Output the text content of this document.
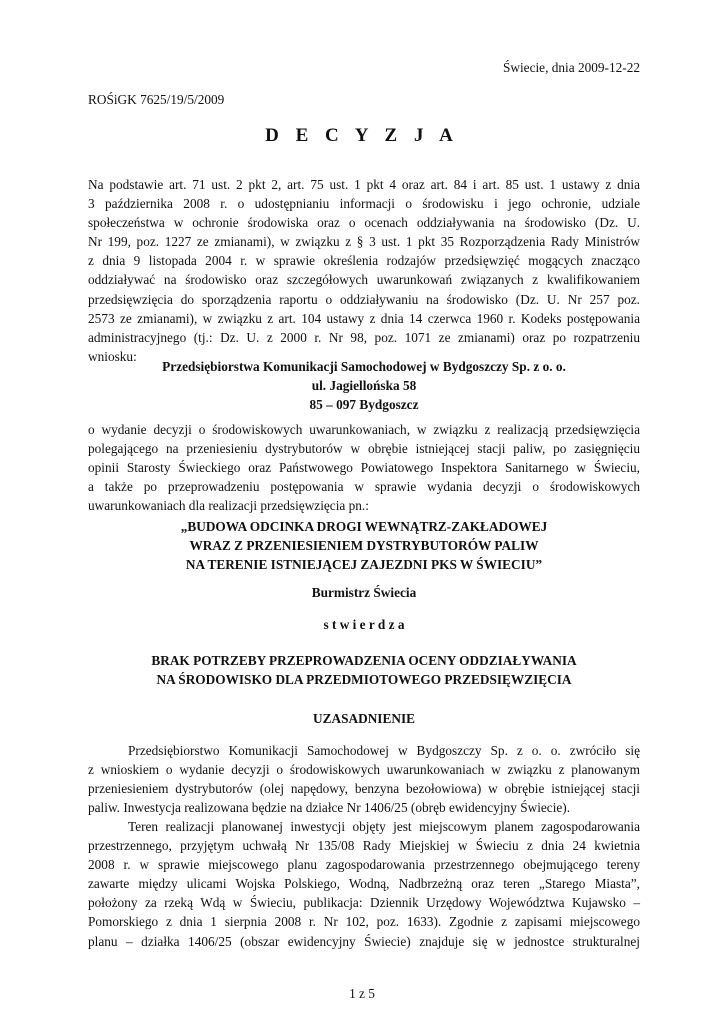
Świecie, dnia 2009-12-22
ROŚiGK 7625/19/5/2009
D E C Y Z J A
Na podstawie art. 71 ust. 2 pkt 2, art. 75 ust. 1 pkt 4 oraz art. 84 i art. 85 ust. 1 ustawy z dnia
3 października 2008 r. o udostępnianiu informacji o środowisku i jego ochronie, udziale
społeczeństwa w ochronie środowiska oraz o ocenach oddziaływania na środowisko (Dz. U.
Nr 199, poz. 1227 ze zmianami), w związku z § 3 ust. 1 pkt 35 Rozporządzenia Rady Ministrów
z dnia 9 listopada 2004 r. w sprawie określenia rodzajów przedsięwzięć mogących znacząco
oddziaływać na środowisko oraz szczegółowych uwarunkowań związanych z kwalifikowaniem
przedsięwzięcia do sporządzenia raportu o oddziaływaniu na środowisko (Dz. U. Nr 257 poz.
2573 ze zmianami), w związku z art. 104 ustawy z dnia 14 czerwca 1960 r. Kodeks postępowania
administracyjnego (tj.: Dz. U. z 2000 r. Nr 98, poz. 1071 ze zmianami) oraz po rozpatrzeniu
wniosku:
Przedsiębiorstwa Komunikacji Samochodowej w Bydgoszczy Sp. z o. o.
ul. Jagiellońska 58
85 – 097 Bydgoszcz
o wydanie decyzji o środowiskowych uwarunkowaniach, w związku z realizacją przedsięwzięcia
polegającego na przeniesieniu dystrybutorów w obrębie istniejącej stacji paliw, po zasięgnięciu
opinii Starosty Świeckiego oraz Państwowego Powiatowego Inspektora Sanitarnego w Świeciu,
a także po przeprowadzeniu postępowania w sprawie wydania decyzji o środowiskowych
uwarunkowaniach dla realizacji przedsięwzięcia pn.:
„BUDOWA ODCINKA DROGI WEWNĄTRZ-ZAKŁADOWEJ
WRAZ Z PRZENIESIENIEM DYSTRYBUTORÓW PALIW
NA TERENIE ISTNIEJĄCEJ ZAJEZDNI PKS W ŚWIECIU”
Burmistrz Świecia
s t w i e r d z a
BRAK POTRZEBY PRZEPROWADZENIA OCENY ODDZIAŁYWANIA
NA ŚRODOWISKO DLA PRZEDMIOTOWEGO PRZEDSIĘWZIĘCIA
UZASADNIENIE
Przedsiębiorstwo Komunikacji Samochodowej w Bydgoszczy Sp. z o. o. zwróciło się
z wnioskiem o wydanie decyzji o środowiskowych uwarunkowaniach w związku z planowanym
przeniesieniem dystrybutorów (olej napędowy, benzyna bezołowiowa) w obrębie istniejącej stacji
paliw. Inwestycja realizowana będzie na działce Nr 1406/25 (obręb ewidencyjny Świecie).
Teren realizacji planowanej inwestycji objęty jest miejscowym planem zagospodarowania
przestrzennego, przyjętym uchwałą Nr 135/08 Rady Miejskiej w Świeciu z dnia 24 kwietnia
2008 r. w sprawie miejscowego planu zagospodarowania przestrzennego obejmującego tereny
zawarte między ulicami Wojska Polskiego, Wodną, Nadbrzeżną oraz teren „Starego Miasta”,
położony za rzeką Wdą w Świeciu, publikacja: Dziennik Urzędowy Województwa Kujawsko –
Pomorskiego z dnia 1 sierpnia 2008 r. Nr 102, poz. 1633). Zgodnie z zapisami miejscowego
planu – działka 1406/25 (obszar ewidencyjny Świecie) znajduje się w jednostce strukturalnej
1 z 5
